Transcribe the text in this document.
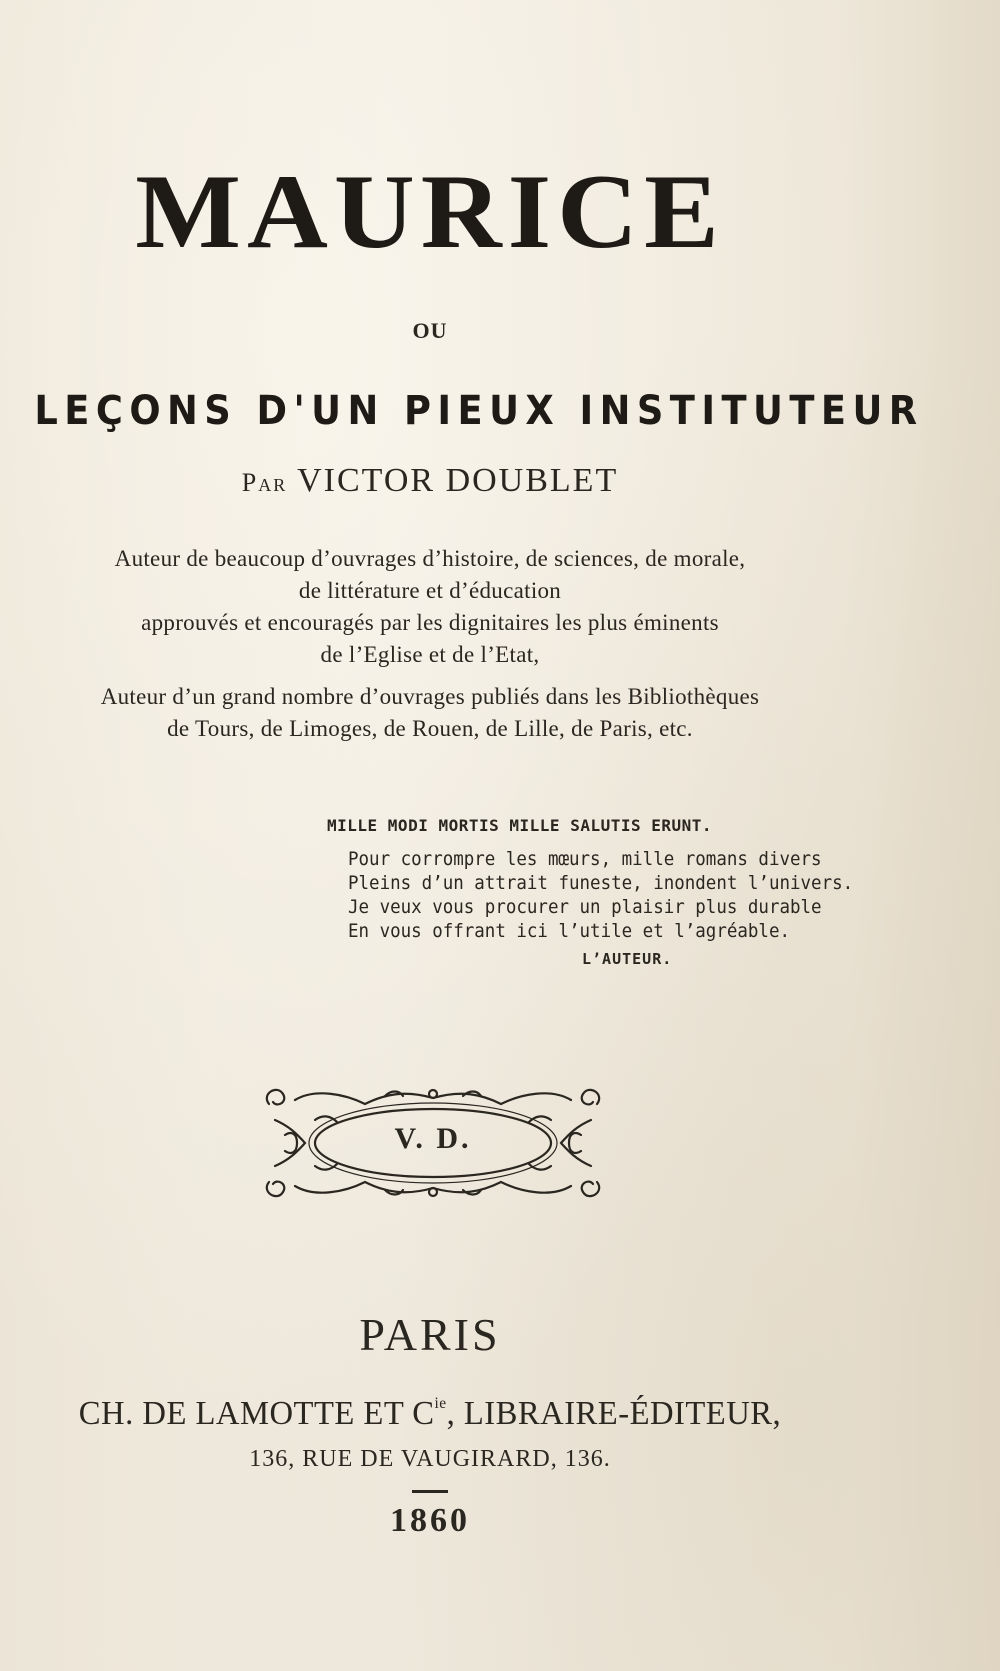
MAURICE
OU
LEÇONS D'UN PIEUX INSTITUTEUR
Par VICTOR DOUBLET
Auteur de beaucoup d’ouvrages d’histoire, de sciences, de morale,
de littérature et d’éducation
approuvés et encouragés par les dignitaires les plus éminents
de l’Eglise et de l’Etat,
Auteur d’un grand nombre d’ouvrages publiés dans les Bibliothèques
de Tours, de Limoges, de Rouen, de Lille, de Paris, etc.
MILLE MODI MORTIS MILLE SALUTIS ERUNT.
Pour corrompre les mœurs, mille romans divers
Pleins d’un attrait funeste, inondent l’univers.
Je veux vous procurer un plaisir plus durable
En vous offrant ici l’utile et l’agréable.
L’AUTEUR.
V. D.
PARIS
CH. DE LAMOTTE ET $C^{ie}$, LIBRAIRE-ÉDITEUR,
136, RUE DE VAUGIRARD, 136.
1860
